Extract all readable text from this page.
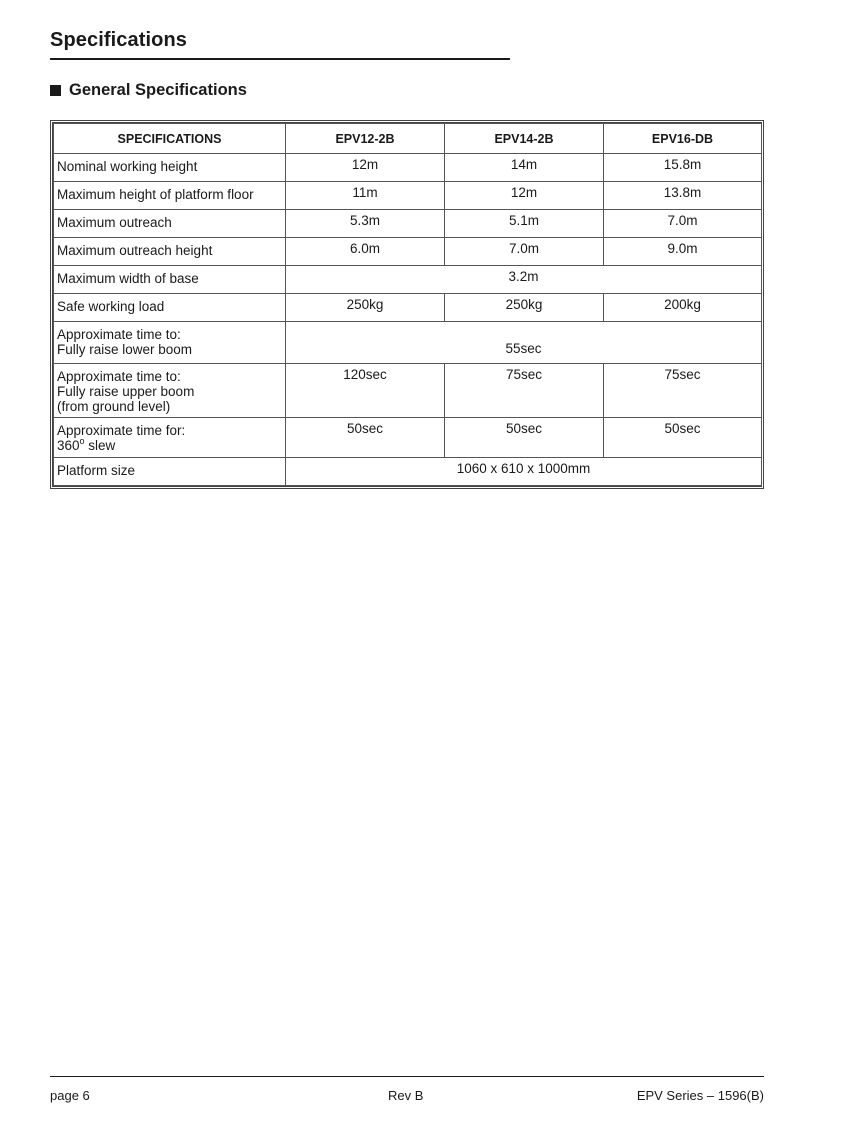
Specifications
General Specifications
SPECIFICATIONS	EPV12-2B	EPV14-2B	EPV16-DB
Nominal working height	12m	14m	15.8m
Maximum height of platform floor	11m	12m	13.8m
Maximum outreach	5.3m	5.1m	7.0m
Maximum outreach height	6.0m	7.0m	9.0m
Maximum width of base	3.2m		
Safe working load	250kg	250kg	200kg
Approximate time to:
Fully raise lower boom	55sec		
Approximate time to:
Fully raise upper boom
(from ground level)	120sec	75sec	75sec
Approximate time for:
360$^o$ slew	50sec	50sec	50sec
Platform size	1060 x 610 x 1000mm		
page 6	Rev B	EPV Series – 1596(B)
